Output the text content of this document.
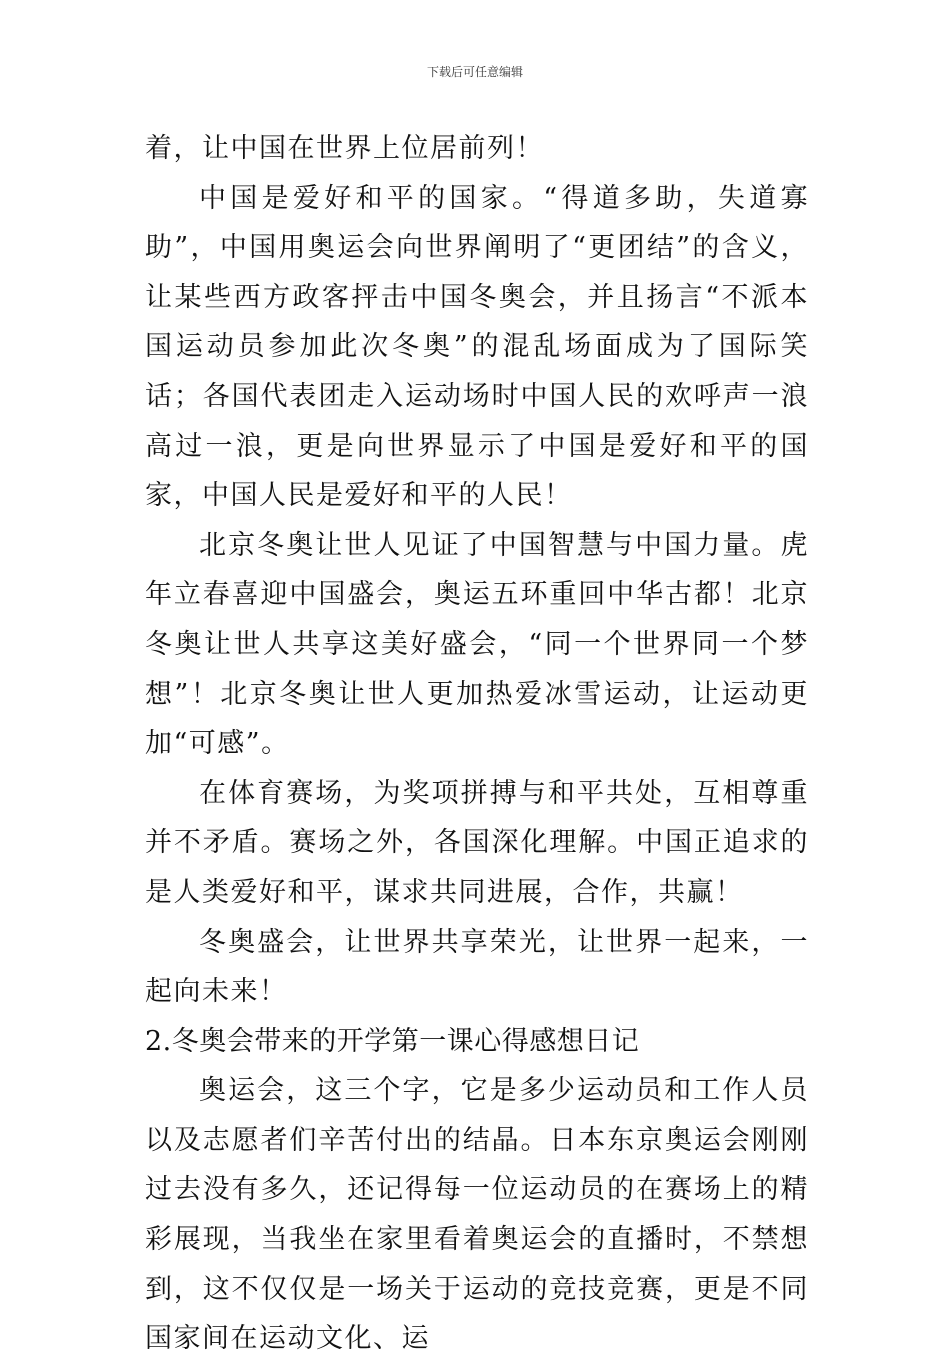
下载后可任意编辑

着，让中国在世界上位居前列！

中国是爱好和平的国家。“得道多助，失道寡助”，中国用奥运会向世界阐明了“更团结”的含义，让某些西方政客抨击中国冬奥会，并且扬言“不派本国运动员参加此次冬奥”的混乱场面成为了国际笑话；各国代表团走入运动场时中国人民的欢呼声一浪高过一浪，更是向世界显示了中国是爱好和平的国家，中国人民是爱好和平的人民！

北京冬奥让世人见证了中国智慧与中国力量。虎年立春喜迎中国盛会，奥运五环重回中华古都！北京冬奥让世人共享这美好盛会，“同一个世界同一个梦想”！北京冬奥让世人更加热爱冰雪运动，让运动更加“可感”。

在体育赛场，为奖项拼搏与和平共处，互相尊重并不矛盾。赛场之外，各国深化理解。中国正追求的是人类爱好和平，谋求共同进展，合作，共赢！

冬奥盛会，让世界共享荣光，让世界一起来，一起向未来！

2.冬奥会带来的开学第一课心得感想日记

奥运会，这三个字，它是多少运动员和工作人员以及志愿者们辛苦付出的结晶。日本东京奥运会刚刚过去没有多久，还记得每一位运动员的在赛场上的精彩展现，当我坐在家里看着奥运会的直播时，不禁想到，这不仅仅是一场关于运动的竞技竞赛，更是不同国家间在运动文化、运
